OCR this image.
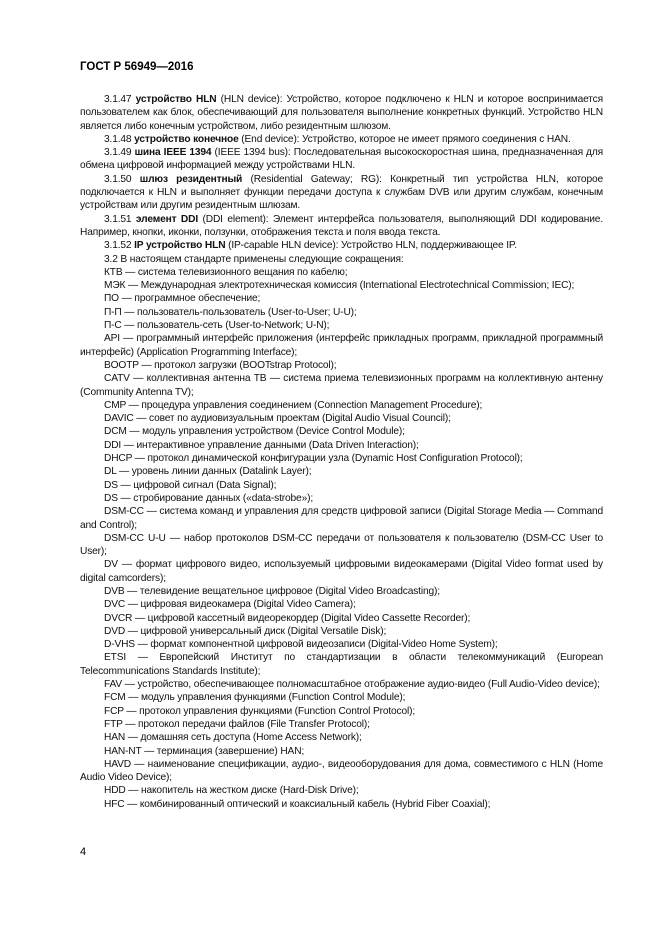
ГОСТ Р 56949—2016

3.1.47 устройство HLN (HLN device): Устройство, которое подключено к HLN и которое воспринимается пользователем как блок, обеспечивающий для пользователя выполнение конкретных функций. Устройство HLN является либо конечным устройством, либо резидентным шлюзом.

3.1.48 устройство конечное (End device): Устройство, которое не имеет прямого соединения с HAN.

3.1.49 шина IEEE 1394 (IEEE 1394 bus): Последовательная высокоскоростная шина, предназначенная для обмена цифровой информацией между устройствами HLN.

3.1.50 шлюз резидентный (Residential Gateway; RG): Конкретный тип устройства HLN, которое подключается к HLN и выполняет функции передачи доступа к службам DVB или другим службам, конечным устройствам или другим резидентным шлюзам.

3.1.51 элемент DDI (DDI element): Элемент интерфейса пользователя, выполняющий DDI кодирование. Например, кнопки, иконки, ползунки, отображения текста и поля ввода текста.

3.1.52 IP устройство HLN (IP-capable HLN device): Устройство HLN, поддерживающее IP.

3.2 В настоящем стандарте применены следующие сокращения:

КТВ — система телевизионного вещания по кабелю;

МЭК — Международная электротехническая комиссия (International Electrotechnical Commission; IEC);

ПО — программное обеспечение;

П-П — пользователь-пользователь (User-to-User; U-U);

П-С — пользователь-сеть (User-to-Network; U-N);

API — программный интерфейс приложения (интерфейс прикладных программ, прикладной программный интерфейс) (Application Programming Interface);

BOOTP — протокол загрузки (BOOTstrap Protocol);

CATV — коллективная антенна ТВ — система приема телевизионных программ на коллективную антенну (Community Antenna TV);

CMP — процедура управления соединением (Connection Management Procedure);

DAVIC — совет по аудиовизуальным проектам (Digital Audio Visual Council);

DCM — модуль управления устройством (Device Control Module);

DDI — интерактивное управление данными (Data Driven Interaction);

DHCP — протокол динамической конфигурации узла (Dynamic Host Configuration Protocol);

DL — уровень линии данных (Datalink Layer);

DS — цифровой сигнал (Data Signal);

DS — стробирование данных («data-strobe»);

DSM-CC — система команд и управления для средств цифровой записи (Digital Storage Media — Command and Control);

DSM-CC U-U — набор протоколов DSM-CC передачи от пользователя к пользователю (DSM-CC User to User);

DV — формат цифрового видео, используемый цифровыми видеокамерами (Digital Video format used by digital camcorders);

DVB — телевидение вещательное цифровое (Digital Video Broadcasting);

DVC — цифровая видеокамера (Digital Video Camera);

DVCR — цифровой кассетный видеорекордер (Digital Video Cassette Recorder);

DVD — цифровой универсальный диск (Digital Versatile Disk);

D-VHS — формат компонентной цифровой видеозаписи (Digital-Video Home System);

ETSI — Европейский Институт по стандартизации в области телекоммуникаций (European Telecommunications Standards Institute);

FAV — устройство, обеспечивающее полномасштабное отображение аудио-видео (Full Audio-Video device);

FCM — модуль управления функциями (Function Control Module);

FCP — протокол управления функциями (Function Control Protocol);

FTP — протокол передачи файлов (File Transfer Protocol);

HAN — домашняя сеть доступа (Home Access Network);

HAN-NT — терминация (завершение) HAN;

HAVD — наименование спецификации, аудио-, видеооборудования для дома, совместимого с HLN (Home Audio Video Device);

HDD — накопитель на жестком диске (Hard-Disk Drive);

HFC — комбинированный оптический и коаксиальный кабель (Hybrid Fiber Coaxial);

4
